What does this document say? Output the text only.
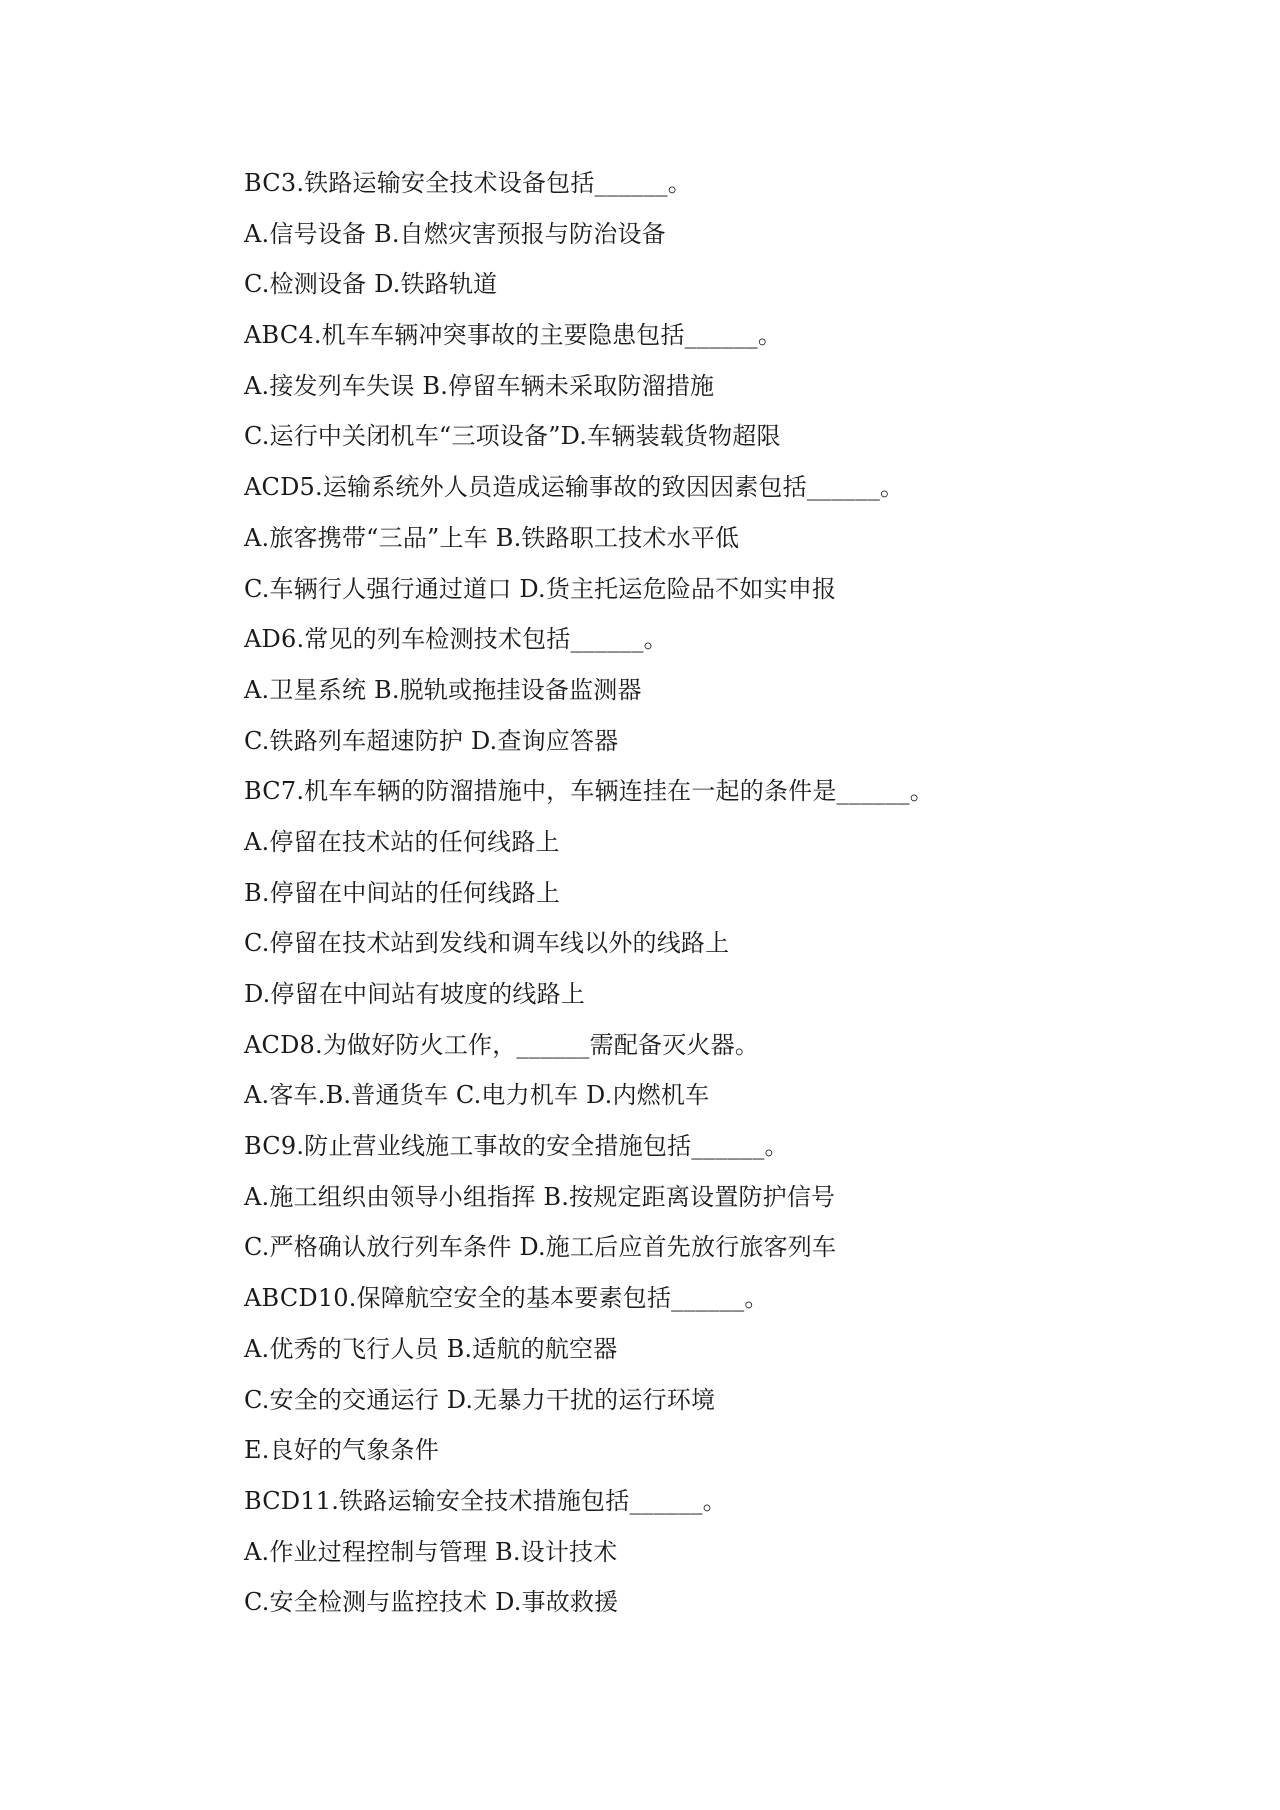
BC3.铁路运输安全技术设备包括______。
A.信号设备 B.自燃灾害预报与防治设备
C.检测设备 D.铁路轨道
ABC4.机车车辆冲突事故的主要隐患包括______。
A.接发列车失误 B.停留车辆未采取防溜措施
C.运行中关闭机车“三项设备”D.车辆装载货物超限
ACD5.运输系统外人员造成运输事故的致因因素包括______。
A.旅客携带“三品”上车 B.铁路职工技术水平低
C.车辆行人强行通过道口 D.货主托运危险品不如实申报
AD6.常见的列车检测技术包括______。
A.卫星系统 B.脱轨或拖挂设备监测器
C.铁路列车超速防护 D.查询应答器
BC7.机车车辆的防溜措施中，车辆连挂在一起的条件是______。
A.停留在技术站的任何线路上
B.停留在中间站的任何线路上
C.停留在技术站到发线和调车线以外的线路上
D.停留在中间站有坡度的线路上
ACD8.为做好防火工作，______需配备灭火器。
A.客车.B.普通货车 C.电力机车 D.内燃机车
BC9.防止营业线施工事故的安全措施包括______。
A.施工组织由领导小组指挥 B.按规定距离设置防护信号
C.严格确认放行列车条件 D.施工后应首先放行旅客列车
ABCD10.保障航空安全的基本要素包括______。
A.优秀的飞行人员 B.适航的航空器
C.安全的交通运行 D.无暴力干扰的运行环境
E.良好的气象条件
BCD11.铁路运输安全技术措施包括______。
A.作业过程控制与管理 B.设计技术
C.安全检测与监控技术 D.事故救援
